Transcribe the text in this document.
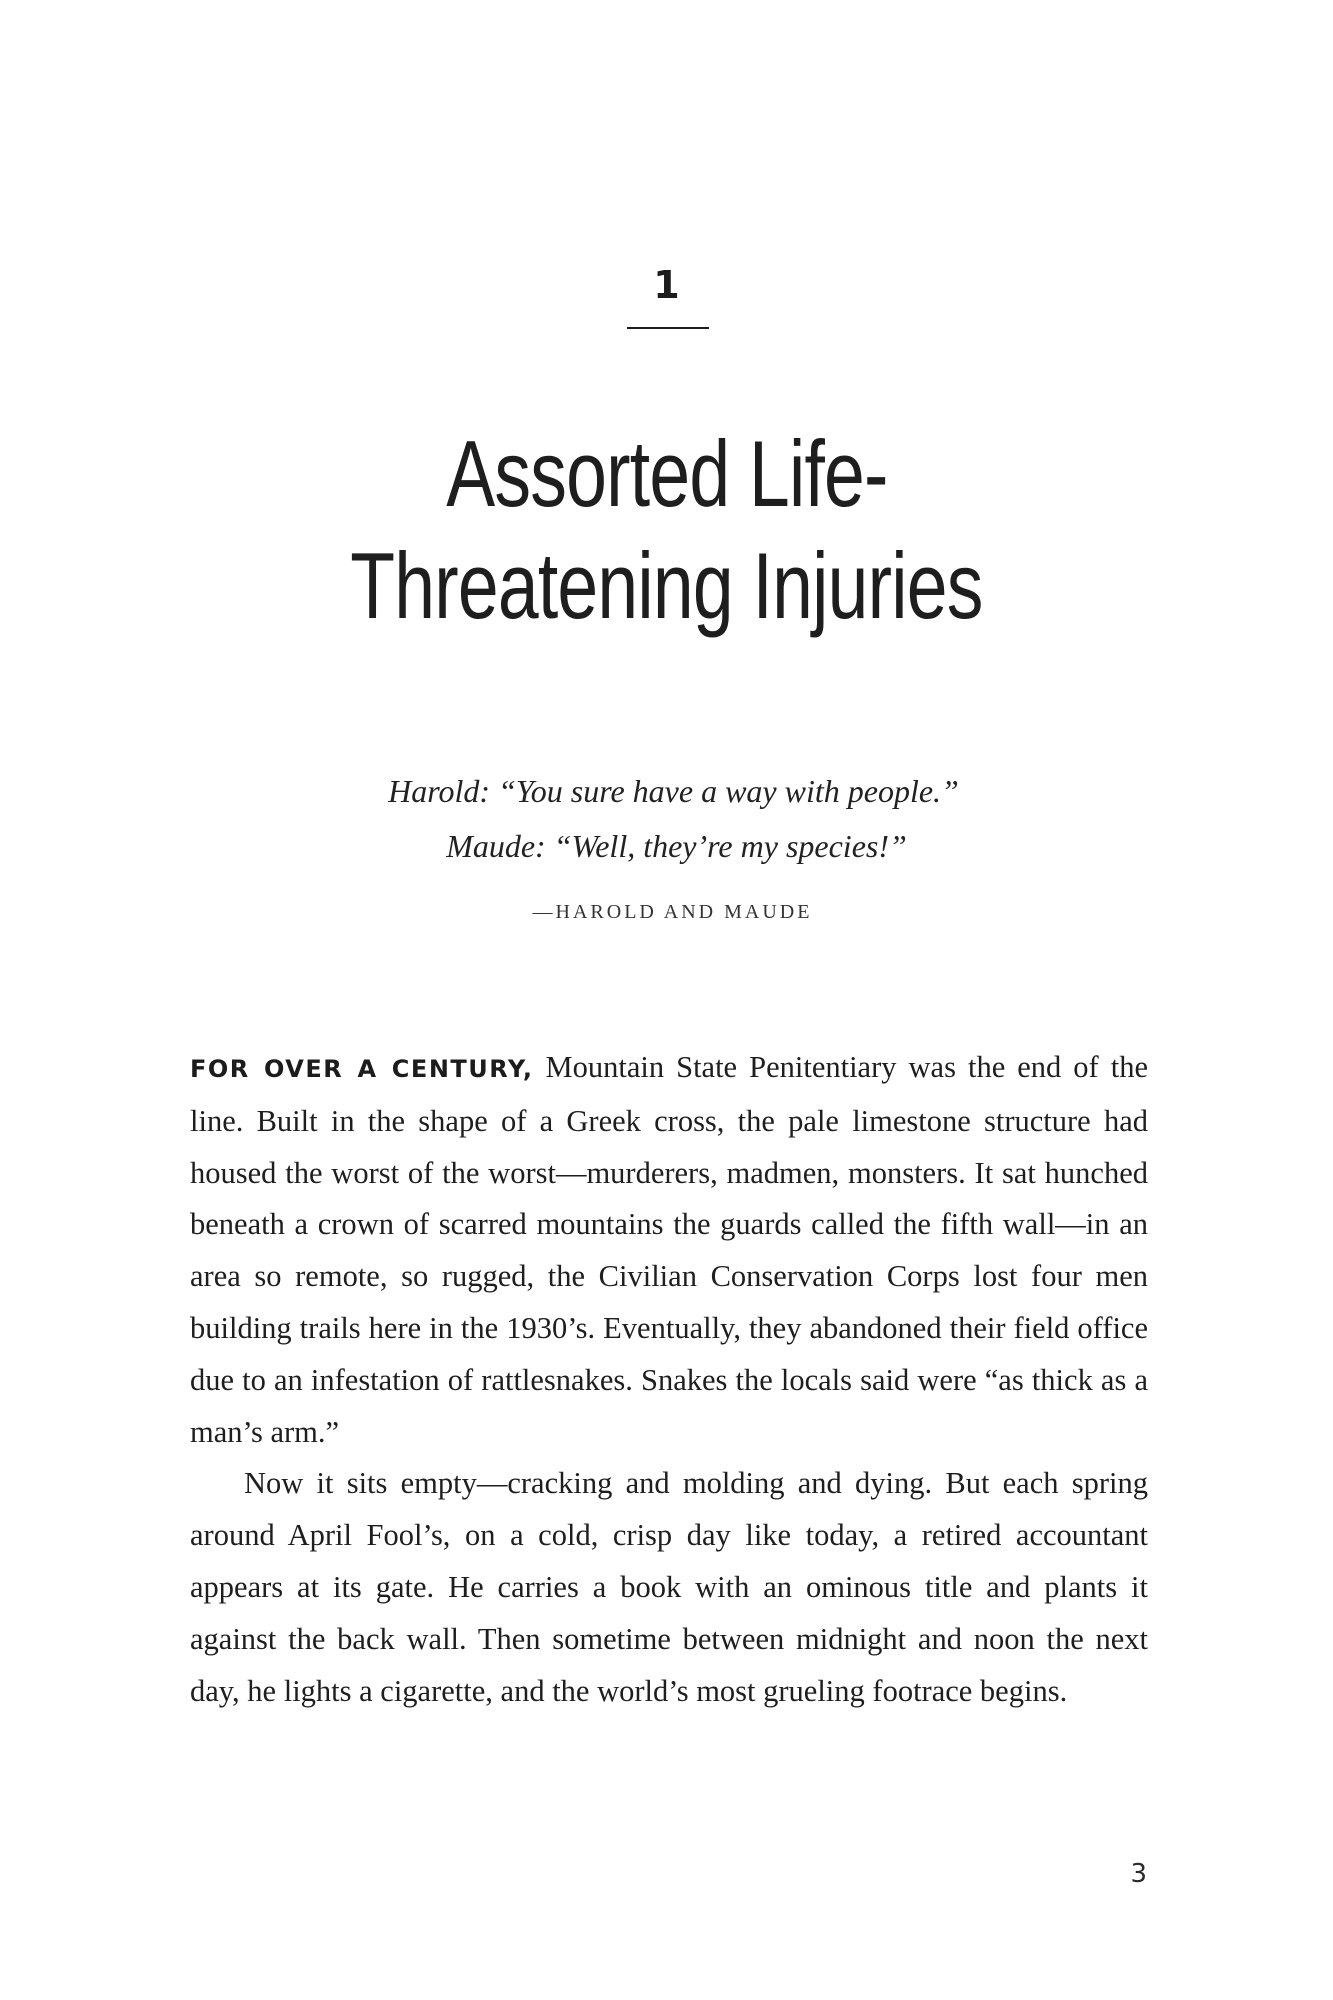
1
Assorted Life-
Threatening Injuries
Harold: “You sure have a way with people.”
Maude: “Well, they’re my species!”
—HAROLD AND MAUDE

FOR OVER A CENTURY, Mountain State Penitentiary was the end of the line. Built in the shape of a Greek cross, the pale limestone structure had housed the worst of the worst—murderers, madmen, monsters. It sat hunched beneath a crown of scarred mountains the guards called the fifth wall—in an area so remote, so rugged, the Civilian Conservation Corps lost four men building trails here in the 1930’s. Eventually, they abandoned their field office due to an infestation of rattlesnakes. Snakes the locals said were “as thick as a man’s arm.”

Now it sits empty—cracking and molding and dying. But each spring around April Fool’s, on a cold, crisp day like today, a retired accountant appears at its gate. He carries a book with an ominous title and plants it against the back wall. Then sometime between midnight and noon the next day, he lights a cigarette, and the world’s most grueling footrace begins.

3
